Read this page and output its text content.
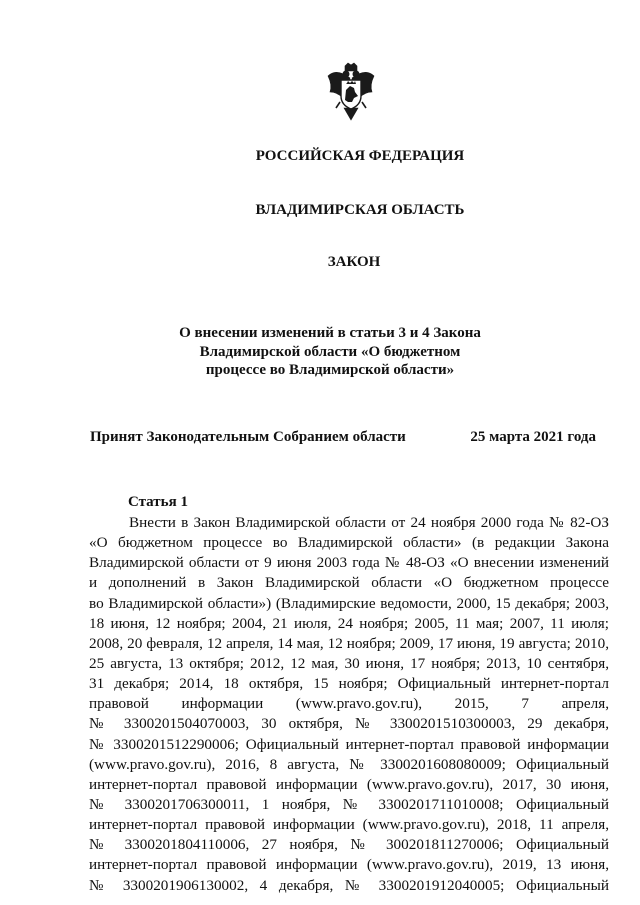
РОССИЙСКАЯ ФЕДЕРАЦИЯ
ВЛАДИМИРСКАЯ ОБЛАСТЬ
ЗАКОН
О внесении изменений в статьи 3 и 4 Закона
Владимирской области «О бюджетном
процессе во Владимирской области»
Принят Законодательным Собранием области	25 марта 2021 года
Статья 1
Внести в Закон Владимирской области от 24 ноября 2000 года № 82-ОЗ
«О бюджетном процессе во Владимирской области» (в редакции Закона
Владимирской области от 9 июня 2003 года № 48-ОЗ «О внесении изменений
и дополнений в Закон Владимирской области «О бюджетном процессе
во Владимирской области») (Владимирские ведомости, 2000, 15 декабря; 2003,
18 июня, 12 ноября; 2004, 21 июля, 24 ноября; 2005, 11 мая; 2007, 11 июля;
2008, 20 февраля, 12 апреля, 14 мая, 12 ноября; 2009, 17 июня, 19 августа; 2010,
25 августа, 13 октября; 2012, 12 мая, 30 июня, 17 ноября; 2013, 10 сентября,
31 декабря; 2014, 18 октября, 15 ноября; Официальный интернет-портал
правовой информации (www.pravo.gov.ru), 2015, 7 апреля,
№ 3300201504070003, 30 октября, № 3300201510300003, 29 декабря,
№ 3300201512290006; Официальный интернет-портал правовой информации
(www.pravo.gov.ru), 2016, 8 августа, № 3300201608080009; Официальный
интернет-портал правовой информации (www.pravo.gov.ru), 2017, 30 июня,
№ 3300201706300011, 1 ноября, № 3300201711010008; Официальный
интернет-портал правовой информации (www.pravo.gov.ru), 2018, 11 апреля,
№ 3300201804110006, 27 ноября, № 300201811270006; Официальный
интернет-портал правовой информации (www.pravo.gov.ru), 2019, 13 июня,
№ 3300201906130002, 4 декабря, № 3300201912040005; Официальный
